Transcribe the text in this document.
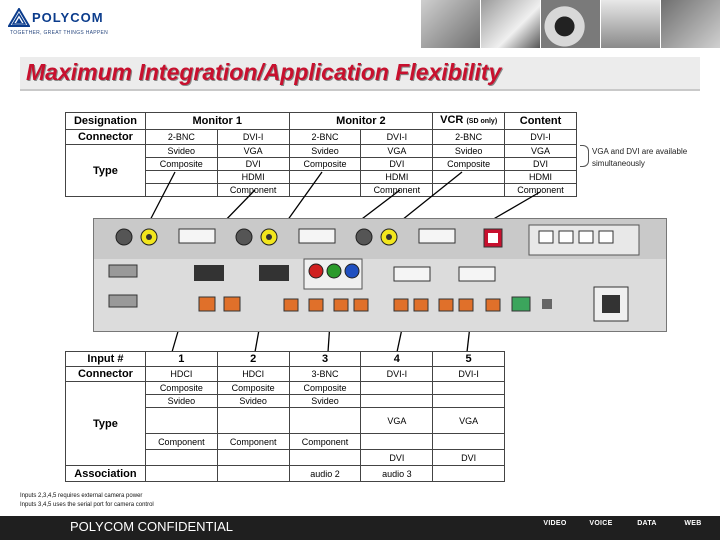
POLYCOM
TOGETHER, GREAT THINGS HAPPEN
Maximum Integration/Application Flexibility
Designation	Monitor 1		Monitor 2		VCR (SD only)	Content
Connector	2-BNC	DVI-I	2-BNC	DVI-I	2-BNC	DVI-I
Type	Svideo	VGA	Svideo	VGA	Svideo	VGA
	Composite	DVI	Composite	DVI	Composite	DVI
		HDMI		HDMI		HDMI
		Component		Component		Component
VGA and DVI are available simultaneously
Input #	1	2	3	4	5
Connector	HDCI	HDCI	3-BNC	DVI-I	DVI-I
Type	Composite	Composite	Composite		
	Svideo	Svideo	Svideo		
				VGA	VGA
	Component	Component	Component		
				DVI	DVI
Association			audio 2	audio 3	
Inputs 2,3,4,5 requires external camera power
Inputs 3,4,5 uses the serial port for camera control
POLYCOM CONFIDENTIAL	VIDEO	VOICE	DATA	WEB
